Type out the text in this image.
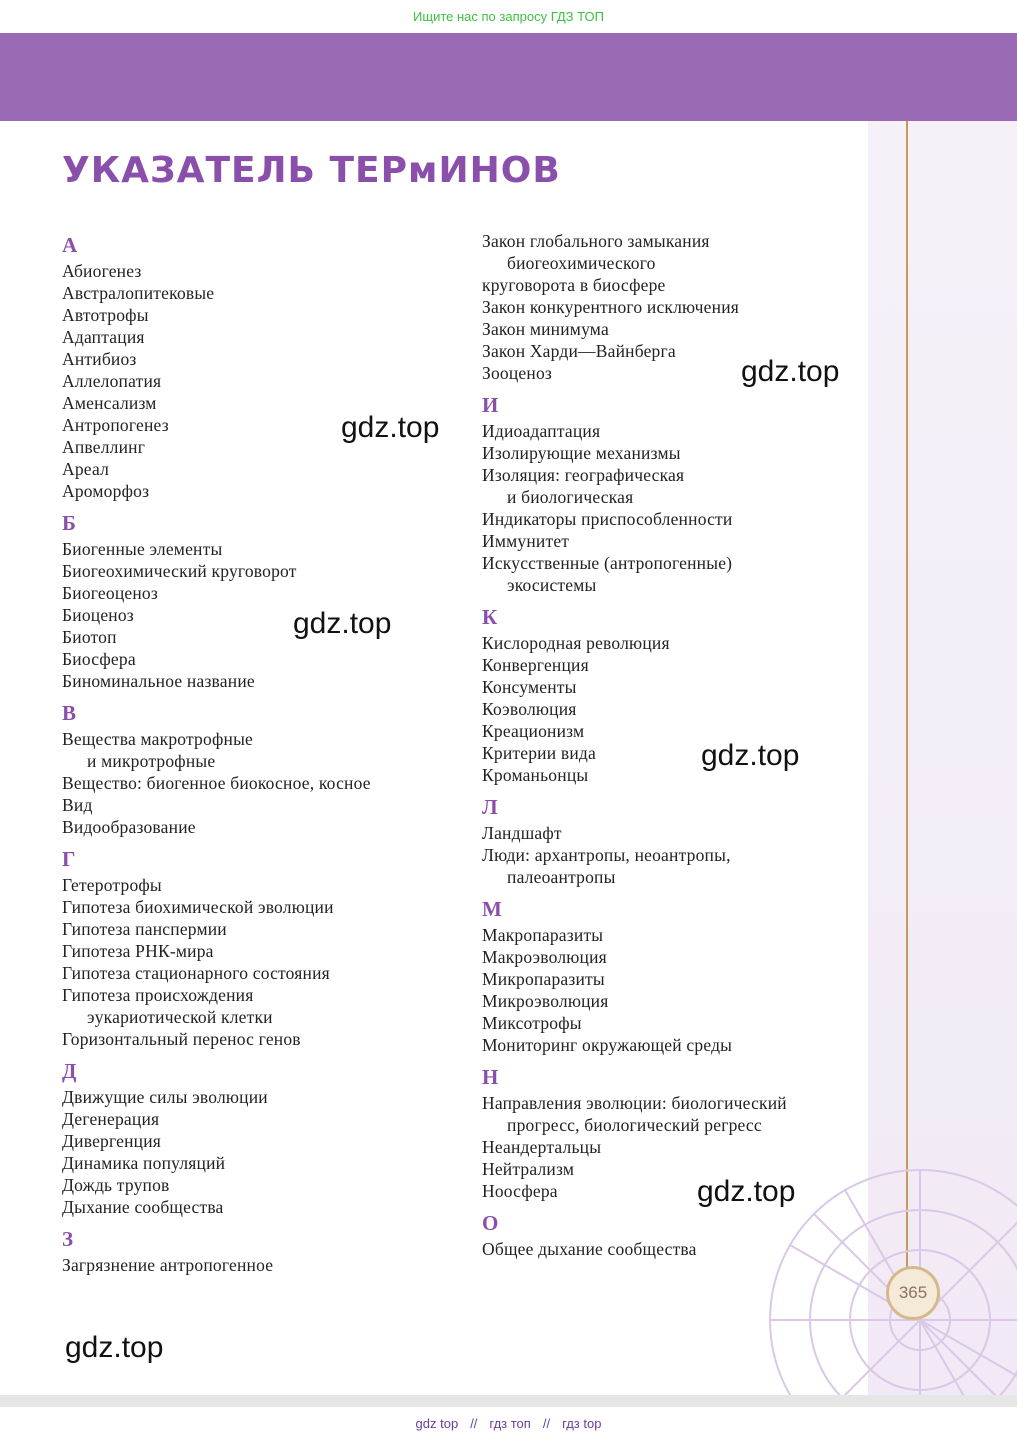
Ищите нас по запросу ГДЗ ТОП
365
УКАЗАТЕЛЬ ТЕРмИНОВ
А
Абиогенез
Австралопитековые
Автотрофы
Адаптация
Антибиоз
Аллелопатия
Аменсализм
Антропогенез
Апвеллинг
Ареал
Ароморфоз
Б
Биогенные элементы
Биогеохимический круговорот
Биогеоценоз
Биоценоз
Биотоп
Биосфера
Биноминальное название
В
Вещества макротрофные
и микротрофные
Вещество: биогенное биокосное, косное
Вид
Видообразование
Г
Гетеротрофы
Гипотеза биохимической эволюции
Гипотеза панспермии
Гипотеза РНК-мира
Гипотеза стационарного состояния
Гипотеза происхождения
эукариотической клетки
Горизонтальный перенос генов
Д
Движущие силы эволюции
Дегенерация
Дивергенция
Динамика популяций
Дождь трупов
Дыхание сообщества
З
Загрязнение антропогенное
Закон глобального замыкания
биогеохимического
круговорота в биосфере
Закон конкурентного исключения
Закон минимума
Закон Харди—Вайнберга
Зооценоз
И
Идиоадаптация
Изолирующие механизмы
Изоляция: географическая
и биологическая
Индикаторы приспособленности
Иммунитет
Искусственные (антропогенные)
экосистемы
К
Кислородная революция
Конвергенция
Консументы
Коэволюция
Креационизм
Критерии вида
Кроманьонцы
Л
Ландшафт
Люди: архантропы, неоантропы,
палеоантропы
М
Макропаразиты
Макроэволюция
Микропаразиты
Микроэволюция
Миксотрофы
Мониторинг окружающей среды
Н
Направления эволюции: биологический
прогресс, биологический регресс
Неандертальцы
Нейтрализм
Ноосфера
О
Общее дыхание сообщества
gdz.top
gdz.top
gdz.top
gdz.top
gdz.top
gdz.top
gdz top // гдз топ // гдз top
